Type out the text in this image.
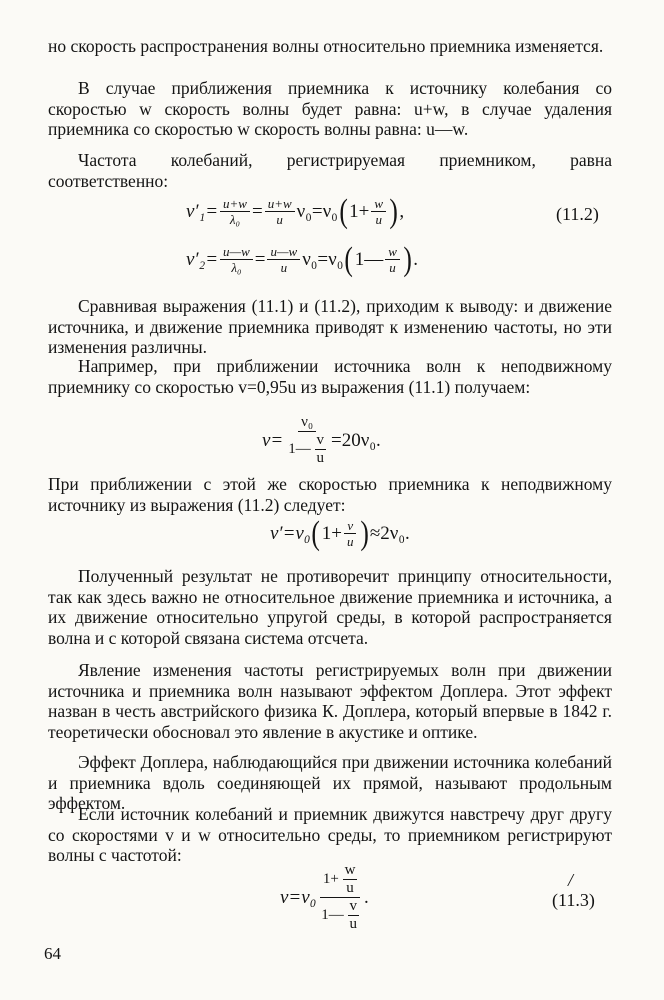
но скорость распространения волны относительно приемника изменяется.

В случае приближения приемника к источнику колебания со скоростью w скорость волны будет равна: u+w, в случае удаления приемника со скоростью w скорость волны равна: u—w.

Частота колебаний, регистрируемая приемником, равна соответственно:

$\nu'_1= \frac{u+w}{\text{λ₀}} = \frac{u+w}{u} \nu_0=\nu_0$ ( $1+ \frac{w}{u}$ ) ,	(11.2)
$\nu'_2= \frac{u—w}{\text{λ₀}} = \frac{u—w}{u} \nu_0=\nu_0$ ( 1— $\frac{w}{u}$ ) .

Сравнивая выражения (11.1) и (11.2), приходим к выводу: и движение источника, и движение приемника приводят к изменению частоты, но эти изменения различны.

Например, при приближении источника волн к неподвижному приемнику со скоростью v=0,95u из выражения (11.1) получаем:

$\nu= \frac{\text{ν₀}}{1— \frac{v}{u}} =20\nu_0$.

При приближении с этой же скоростью приемника к неподвижному источнику из выражения (11.2) следует:

ν′=ν₀ ( $1+ \frac{v}{u}$ ) ≈2ν₀.

Полученный результат не противоречит принципу относительности, так как здесь важно не относительное движение приемника и источника, а их движение относительно упругой среды, в которой распространяется волна и с которой связана система отсчета.

Явление изменения частоты регистрируемых волн при движении источника и приемника волн называют эффектом Доплера. Этот эффект назван в честь австрийского физика К. Доплера, который впервые в 1842 г. теоретически обосновал это явление в акустике и оптике.

Эффект Доплера, наблюдающийся при движении источника колебаний и приемника вдоль соединяющей их прямой, называют продольным эффектом.

Если источник колебаний и приемник движутся навстречу друг другу со скоростями v и w относительно среды, то приемником регистрируют волны с частотой:

$\nu=\nu_0 \frac{1+ \frac{w}{u}}{1— \frac{v}{u}}$ .
/
(11.3)
64
